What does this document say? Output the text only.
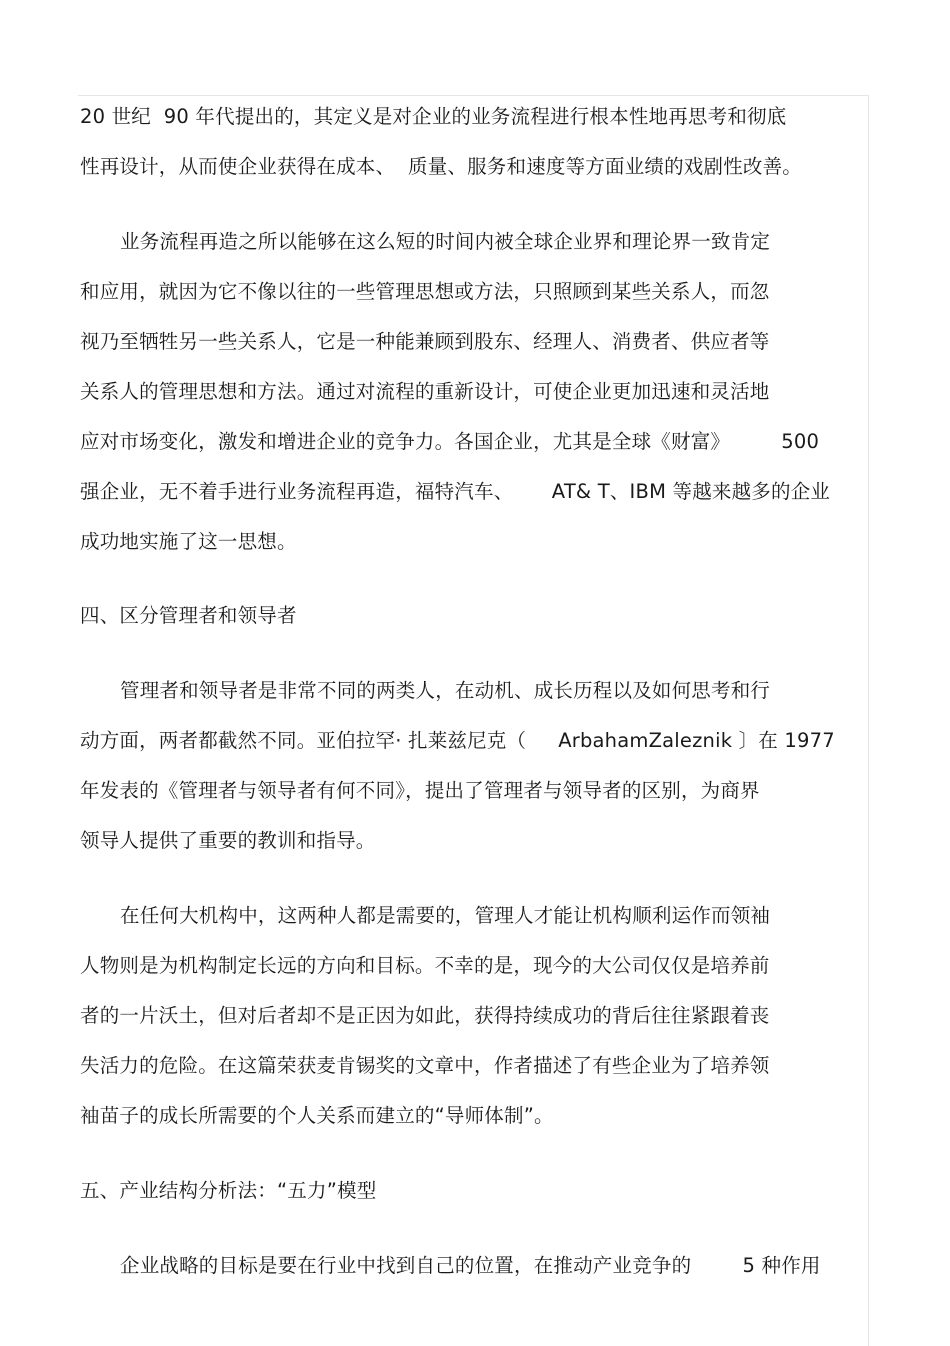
20 世纪  90 年代提出的，其定义是对企业的业务流程进行根本性地再思考和彻底
性再设计，从而使企业获得在成本、  质量、服务和速度等方面业绩的戏剧性改善。
业务流程再造之所以能够在这么短的时间内被全球企业界和理论界一致肯定
和应用，就因为它不像以往的一些管理思想或方法，只照顾到某些关系人，而忽
视乃至牺牲另一些关系人，它是一种能兼顾到股东、经理人、消费者、供应者等
关系人的管理思想和方法。通过对流程的重新设计，可使企业更加迅速和灵活地
应对市场变化，激发和增进企业的竞争力。各国企业，尤其是全球《财富》        500
强企业，无不着手进行业务流程再造，福特汽车、      AT& T、IBM 等越来越多的企业
成功地实施了这一思想。
四、区分管理者和领导者
管理者和领导者是非常不同的两类人，在动机、成长历程以及如何思考和行
动方面，两者都截然不同。亚伯拉罕· 扎莱兹尼克（     ArbahamZaleznik 〕在 1977
年发表的《管理者与领导者有何不同》，提出了管理者与领导者的区别，为商界
领导人提供了重要的教训和指导。
在任何大机构中，这两种人都是需要的，管理人才能让机构顺利运作而领袖
人物则是为机构制定长远的方向和目标。不幸的是，现今的大公司仅仅是培养前
者的一片沃土，但对后者却不是正因为如此，获得持续成功的背后往往紧跟着丧
失活力的危险。在这篇荣获麦肯锡奖的文章中，作者描述了有些企业为了培养领
袖苗子的成长所需要的个人关系而建立的“导师体制”。
五、产业结构分析法：“五力”模型
企业战略的目标是要在行业中找到自己的位置，在推动产业竞争的        5 种作用
